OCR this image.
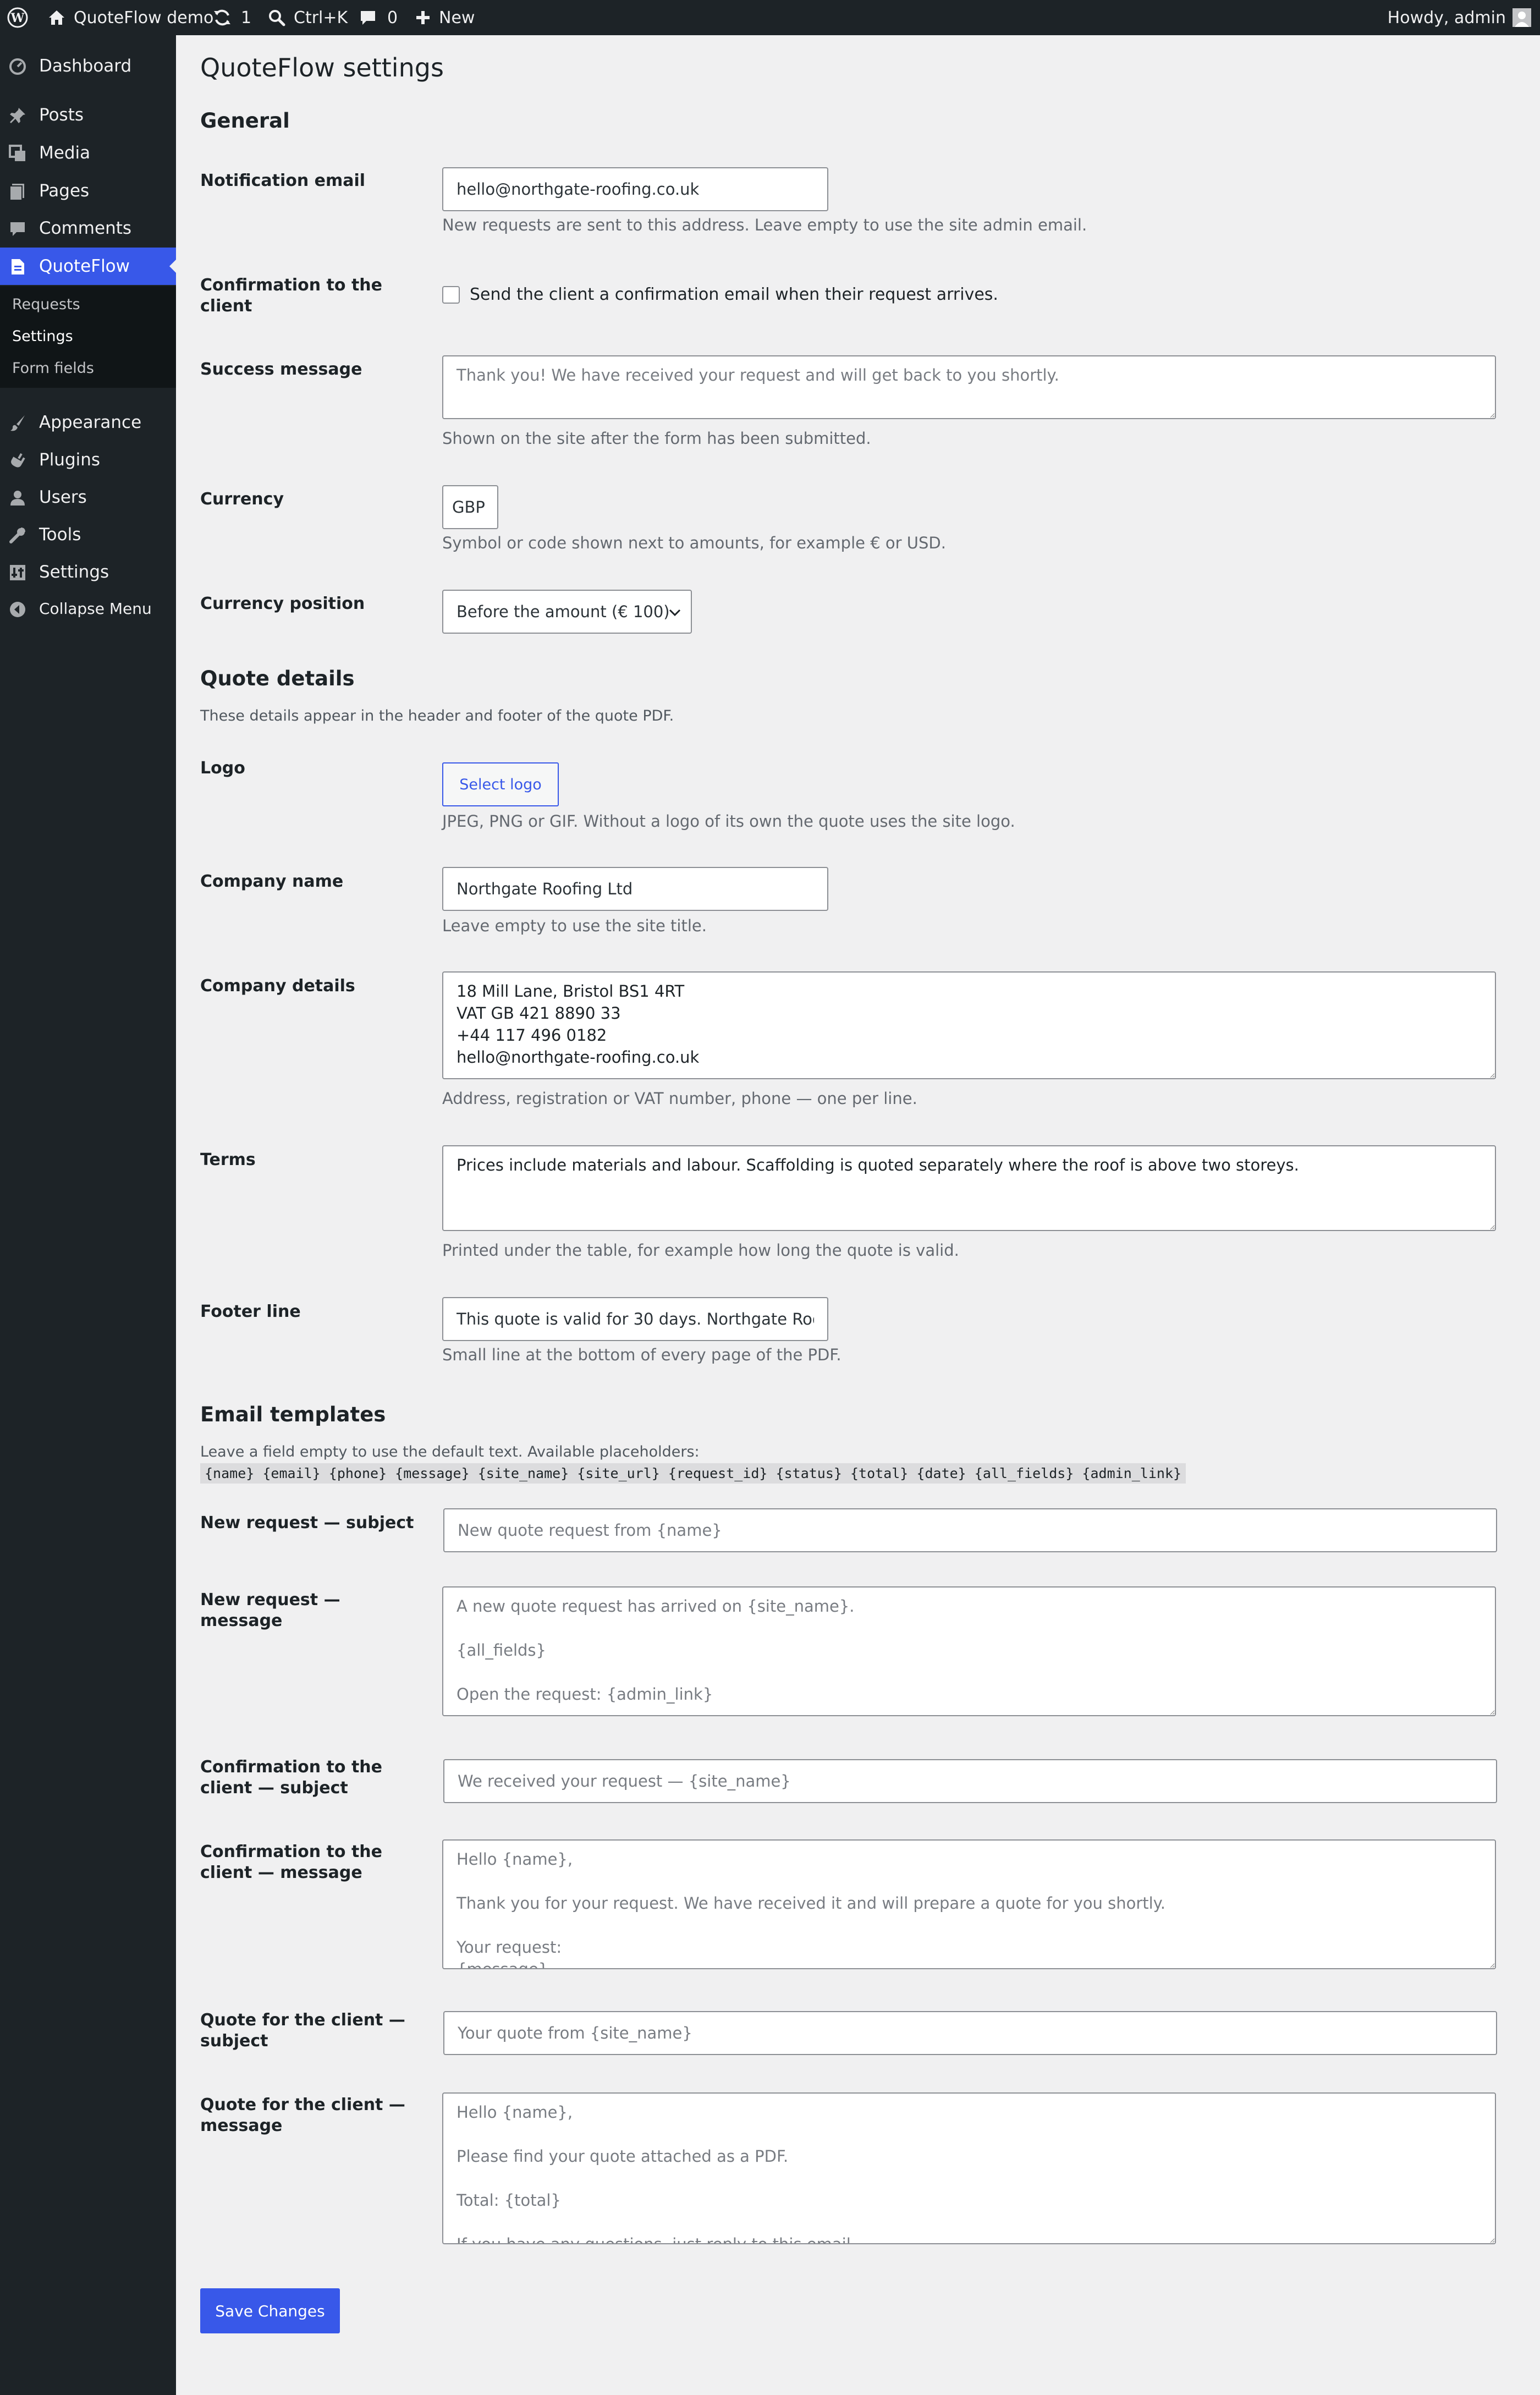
W	QuoteFlow demo 1	Ctrl+K 0 New	Howdy, admin
Dashboard
Posts
Media
Pages
Comments
QuoteFlow
Requests
Settings
Form fields
Appearance
Plugins
Users
Tools
Settings
Collapse Menu
QuoteFlow settings
General
Notification email
hello@northgate-roofing.co.uk
New requests are sent to this address. Leave empty to use the site admin email.
Confirmation to the client
Send the client a confirmation email when their request arrives.
Success message
Thank you! We have received your request and will get back to you shortly.
Shown on the site after the form has been submitted.
Currency
GBP
Symbol or code shown next to amounts, for example € or USD.
Currency position	Before the amount (€ 100)
Quote details
These details appear in the header and footer of the quote PDF.
Logo
Select logo
JPEG, PNG or GIF. Without a logo of its own the quote uses the site logo.
Company name
Northgate Roofing Ltd
Leave empty to use the site title.
Company details
18 Mill Lane, Bristol BS1 4RT VAT GB 421 8890 33 +44 117 496 0182 hello@northgate-roofing.co.uk
Address, registration or VAT number, phone — one per line.
Terms
Prices include materials and labour. Scaffolding is quoted separately where the roof is above two storeys.
Printed under the table, for example how long the quote is valid.
Footer line
This quote is valid for 30 days. Northgate Roofing Ltd
Small line at the bottom of every page of the PDF.
Email templates
Leave a field empty to use the default text. Available placeholders:
{name} {email} {phone} {message} {site_name} {site_url} {request_id} {status} {total} {date} {all_fields} {admin_link}
New request — subject
New quote request from {name}
New request — message
A new quote request has arrived on {site_name}. {all_fields} Open the request: {admin_link}
Confirmation to the client — subject
We received your request — {site_name}
Confirmation to the client — message
Hello {name}, Thank you for your request. We have received it and will prepare a quote for you shortly. Your request: {message}
Quote for the client — subject
Your quote from {site_name}
Quote for the client — message
Hello {name}, Please find your quote attached as a PDF. Total: {total} If you have any questions, just reply to this email.
Save Changes
